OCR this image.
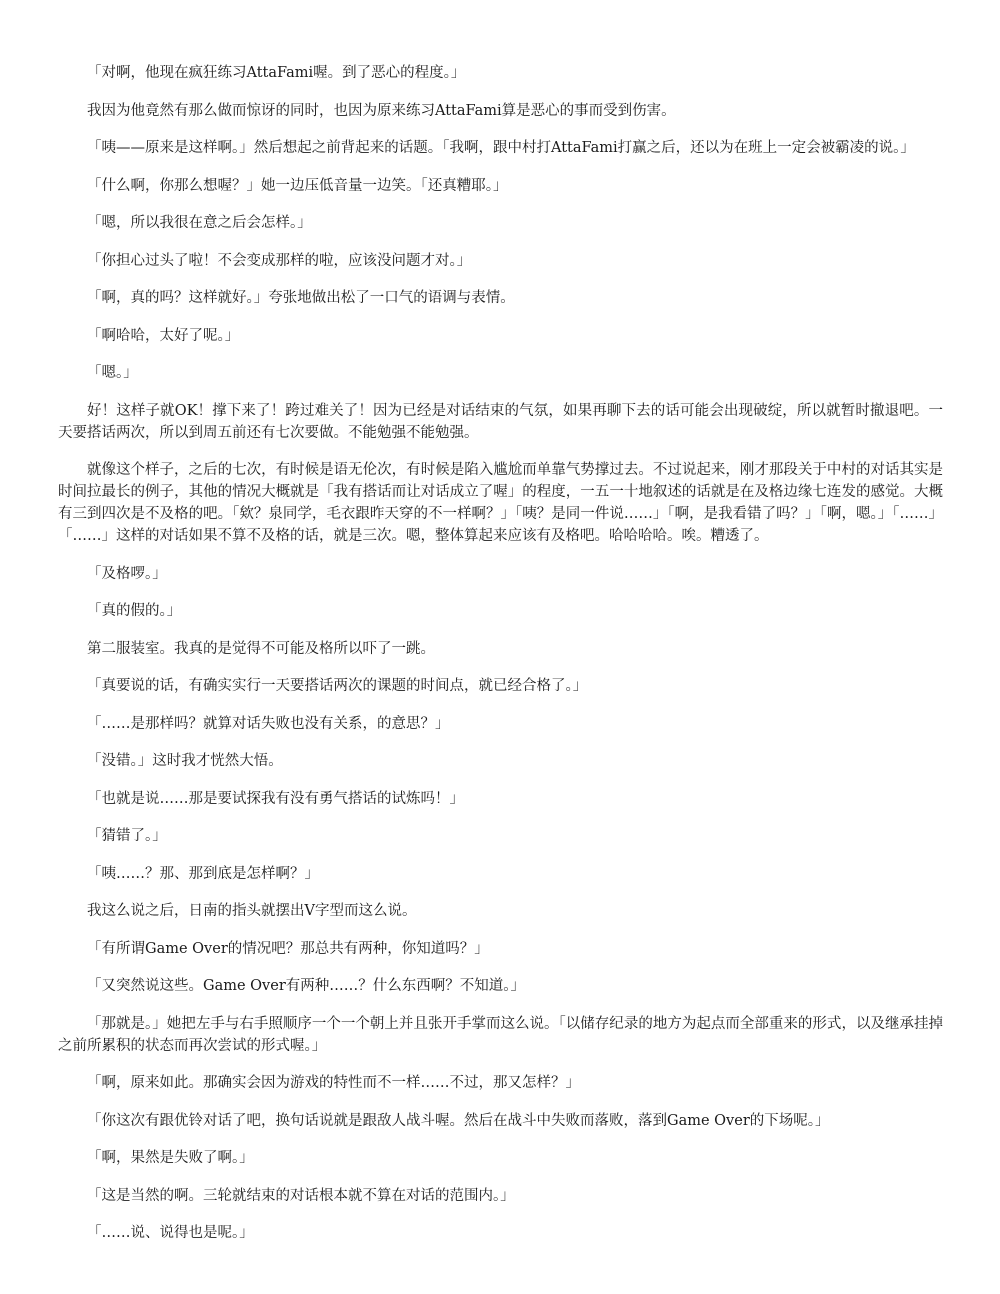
「对啊，他现在疯狂练习AttaFami喔。到了恶心的程度。」

我因为他竟然有那么做而惊讶的同时，也因为原来练习AttaFami算是恶心的事而受到伤害。

「咦——原来是这样啊。」然后想起之前背起来的话题。「我啊，跟中村打AttaFami打赢之后，还以为在班上一定会被霸凌的说。」

「什么啊，你那么想喔？」她一边压低音量一边笑。「还真糟耶。」

「嗯，所以我很在意之后会怎样。」

「你担心过头了啦！不会变成那样的啦，应该没问题才对。」

「啊，真的吗？这样就好。」夸张地做出松了一口气的语调与表情。

「啊哈哈，太好了呢。」

「嗯。」

好！这样子就OK！撑下来了！跨过难关了！因为已经是对话结束的气氛，如果再聊下去的话可能会出现破绽，所以就暂时撤退吧。一天要搭话两次，所以到周五前还有七次要做。不能勉强不能勉强。

就像这个样子，之后的七次，有时候是语无伦次，有时候是陷入尴尬而单靠气势撑过去。不过说起来，刚才那段关于中村的对话其实是时间拉最长的例子，其他的情况大概就是「我有搭话而让对话成立了喔」的程度，一五一十地叙述的话就是在及格边缘七连发的感觉。大概有三到四次是不及格的吧。「欸？泉同学，毛衣跟昨天穿的不一样啊？」「咦？是同一件说……」「啊，是我看错了吗？」「啊，嗯。」「……」「……」这样的对话如果不算不及格的话，就是三次。嗯，整体算起来应该有及格吧。哈哈哈哈。唉。糟透了。

「及格啰。」

「真的假的。」

第二服装室。我真的是觉得不可能及格所以吓了一跳。

「真要说的话，有确实实行一天要搭话两次的课题的时间点，就已经合格了。」

「……是那样吗？就算对话失败也没有关系，的意思？」

「没错。」这时我才恍然大悟。

「也就是说……那是要试探我有没有勇气搭话的试炼吗！」

「猜错了。」

「咦……？那、那到底是怎样啊？」

我这么说之后，日南的指头就摆出V字型而这么说。

「有所谓Game Over的情况吧？那总共有两种，你知道吗？」

「又突然说这些。Game Over有两种……？什么东西啊？不知道。」

「那就是。」她把左手与右手照顺序一个一个朝上并且张开手掌而这么说。「以储存纪录的地方为起点而全部重来的形式，以及继承挂掉之前所累积的状态而再次尝试的形式喔。」

「啊，原来如此。那确实会因为游戏的特性而不一样……不过，那又怎样？」

「你这次有跟优铃对话了吧，换句话说就是跟敌人战斗喔。然后在战斗中失败而落败，落到Game Over的下场呢。」

「啊，果然是失败了啊。」

「这是当然的啊。三轮就结束的对话根本就不算在对话的范围内。」

「……说、说得也是呢。」
